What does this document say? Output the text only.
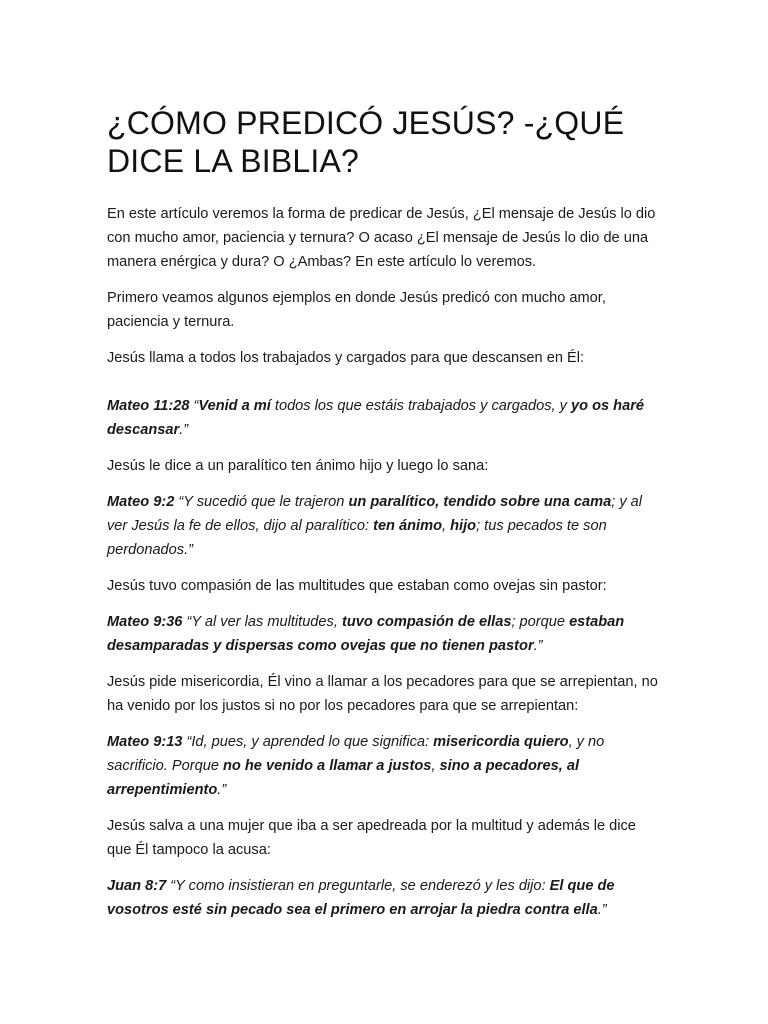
¿CÓMO PREDICÓ JESÚS? -¿QUÉ DICE LA BIBLIA?

En este artículo veremos la forma de predicar de Jesús, ¿El mensaje de Jesús lo dio con mucho amor, paciencia y ternura? O acaso ¿El mensaje de Jesús lo dio de una manera enérgica y dura? O ¿Ambas? En este artículo lo veremos.

Primero veamos algunos ejemplos en donde Jesús predicó con mucho amor, paciencia y ternura.

Jesús llama a todos los trabajados y cargados para que descansen en Él:

Mateo 11:28 “Venid a mí todos los que estáis trabajados y cargados, y yo os haré descansar.”

Jesús le dice a un paralítico ten ánimo hijo y luego lo sana:

Mateo 9:2 “Y sucedió que le trajeron un paralítico, tendido sobre una cama; y al ver Jesús la fe de ellos, dijo al paralítico: ten ánimo, hijo; tus pecados te son perdonados.”

Jesús tuvo compasión de las multitudes que estaban como ovejas sin pastor:

Mateo 9:36 “Y al ver las multitudes, tuvo compasión de ellas; porque estaban desamparadas y dispersas como ovejas que no tienen pastor.”

Jesús pide misericordia, Él vino a llamar a los pecadores para que se arrepientan, no ha venido por los justos si no por los pecadores para que se arrepientan:

Mateo 9:13 “Id, pues, y aprended lo que significa: misericordia quiero, y no sacrificio. Porque no he venido a llamar a justos, sino a pecadores, al arrepentimiento.”

Jesús salva a una mujer que iba a ser apedreada por la multitud y además le dice que Él tampoco la acusa:

Juan 8:7 “Y como insistieran en preguntarle, se enderezó y les dijo: El que de vosotros esté sin pecado sea el primero en arrojar la piedra contra ella.”
